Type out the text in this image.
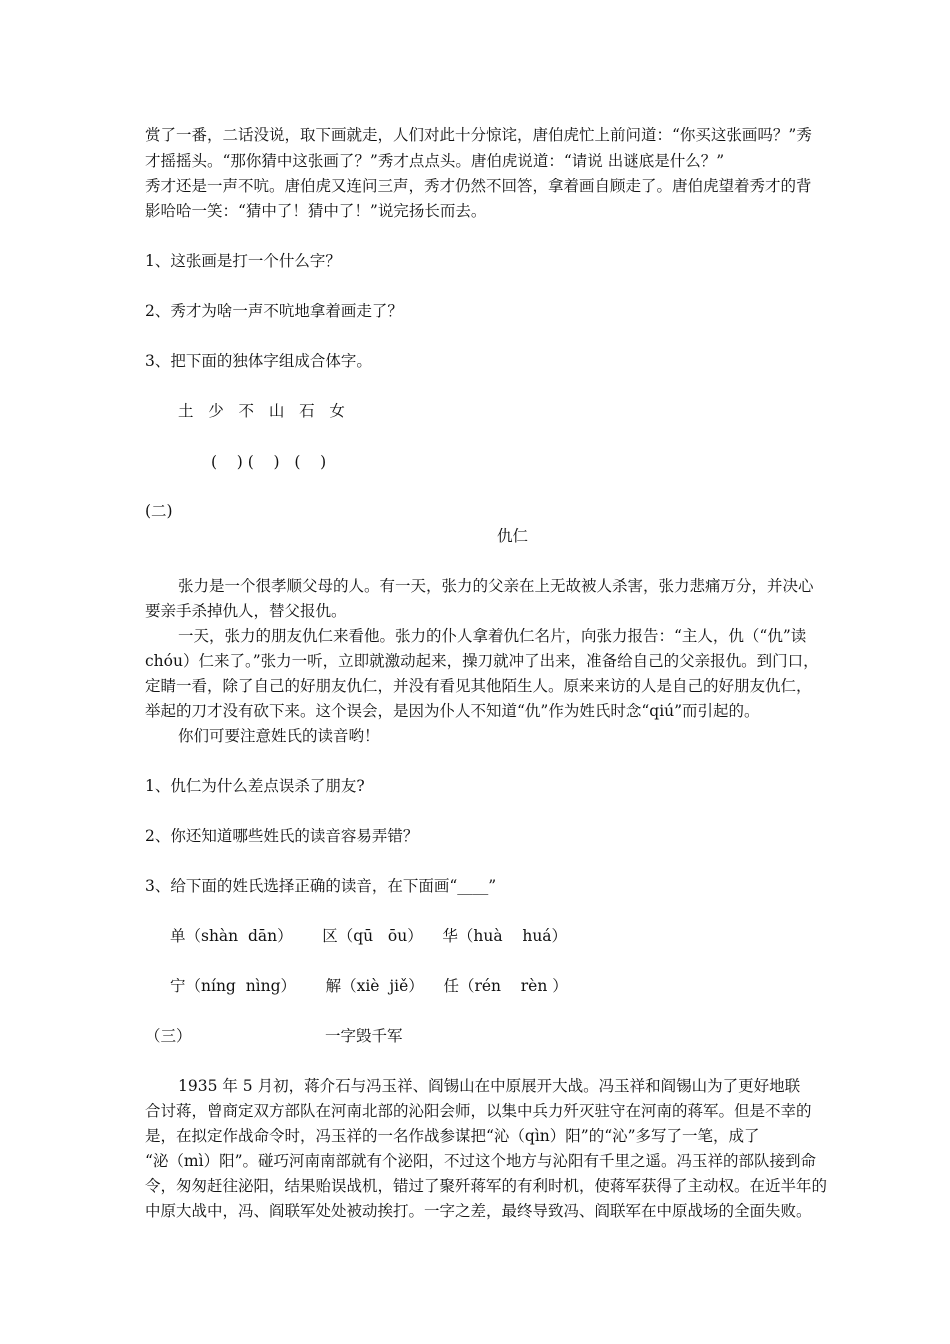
赏了一番，二话没说，取下画就走，人们对此十分惊诧，唐伯虎忙上前问道：“你买这张画吗？”秀
才摇摇头。“那你猜中这张画了？”秀才点点头。唐伯虎说道：“请说 出谜底是什么？”
秀才还是一声不吭。唐伯虎又连问三声，秀才仍然不回答，拿着画自顾走了。唐伯虎望着秀才的背
影哈哈一笑：“猜中了！猜中了！”说完扬长而去。
1、这张画是打一个什么字？
2、秀才为啥一声不吭地拿着画走了？
3、把下面的独体字组成合体字。
土   少   不   山   石   女
(    ) (    )   (    )
(二)
仇仁
张力是一个很孝顺父母的人。有一天，张力的父亲在上无故被人杀害，张力悲痛万分，并决心
要亲手杀掉仇人，替父报仇。
一天，张力的朋友仇仁来看他。张力的仆人拿着仇仁名片，向张力报告：“主人，仇（“仇”读
chóu）仁来了。”张力一听，立即就激动起来，操刀就冲了出来，准备给自己的父亲报仇。到门口，
定睛一看，除了自己的好朋友仇仁，并没有看见其他陌生人。原来来访的人是自己的好朋友仇仁，
举起的刀才没有砍下来。这个误会，是因为仆人不知道“仇”作为姓氏时念“qiú”而引起的。
你们可要注意姓氏的读音哟！
1、仇仁为什么差点误杀了朋友?
2、你还知道哪些姓氏的读音容易弄错？
3、给下面的姓氏选择正确的读音，在下面画“____”
单（shàn  dān）      区（qū   ōu）    华（huà    huá）
宁（níng  nìng）      解（xiè  jiě）    任（rén    rèn ）
（三）	一字毁千军
1935 年 5 月初，蒋介石与冯玉祥、阎锡山在中原展开大战。冯玉祥和阎锡山为了更好地联
合讨蒋，曾商定双方部队在河南北部的沁阳会师，以集中兵力歼灭驻守在河南的蒋军。但是不幸的
是，在拟定作战命令时，冯玉祥的一名作战参谋把“沁（qìn）阳”的“沁”多写了一笔，成了
“泌（mì）阳”。碰巧河南南部就有个泌阳，不过这个地方与沁阳有千里之遥。冯玉祥的部队接到命
令，匆匆赶往泌阳，结果贻误战机，错过了聚歼蒋军的有利时机，使蒋军获得了主动权。在近半年的
中原大战中，冯、阎联军处处被动挨打。一字之差，最终导致冯、阎联军在中原战场的全面失败。
